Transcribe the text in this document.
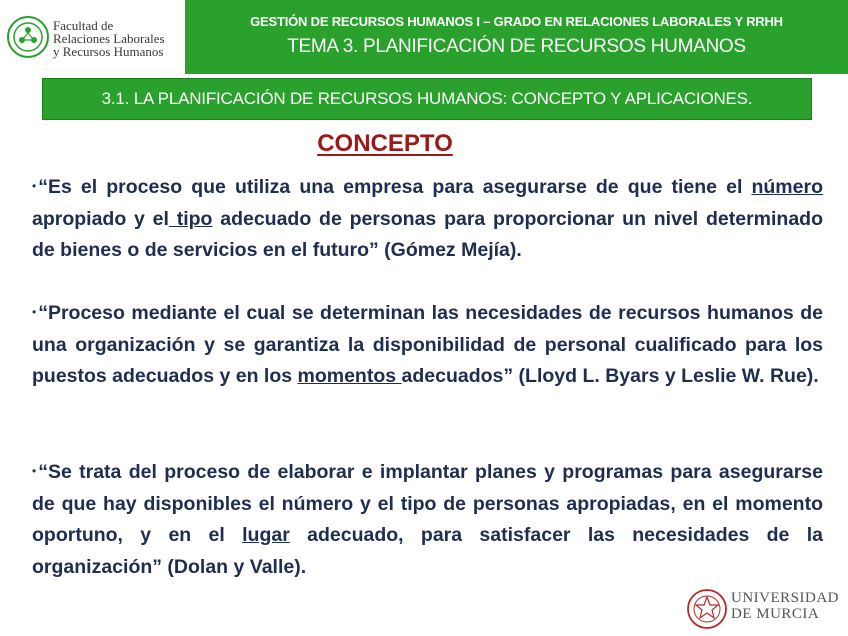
Facultad de
Relaciones Laborales
y Recursos Humanos
GESTIÓN DE RECURSOS HUMANOS I – GRADO EN RELACIONES LABORALES Y RRHH
TEMA 3. PLANIFICACIÓN DE RECURSOS HUMANOS
3.1. LA PLANIFICACIÓN DE RECURSOS HUMANOS: CONCEPTO Y APLICACIONES.
CONCEPTO

• “Es el proceso que utiliza una empresa para asegurarse de que tiene el número apropiado y el tipo adecuado de personas para proporcionar un nivel determinado de bienes o de servicios en el futuro” (Gómez Mejía).

• “Proceso mediante el cual se determinan las necesidades de recursos humanos de una organización y se garantiza la disponibilidad de personal cualificado para los puestos adecuados y en los momentos adecuados” (Lloyd L. Byars y Leslie W. Rue).

• “Se trata del proceso de elaborar e implantar planes y programas para asegurarse de que hay disponibles el número y el tipo de personas apropiadas, en el momento oportuno, y en el lugar adecuado, para satisfacer las necesidades de la organización” (Dolan y Valle).

UNIVERSIDAD
DE MURCIA
